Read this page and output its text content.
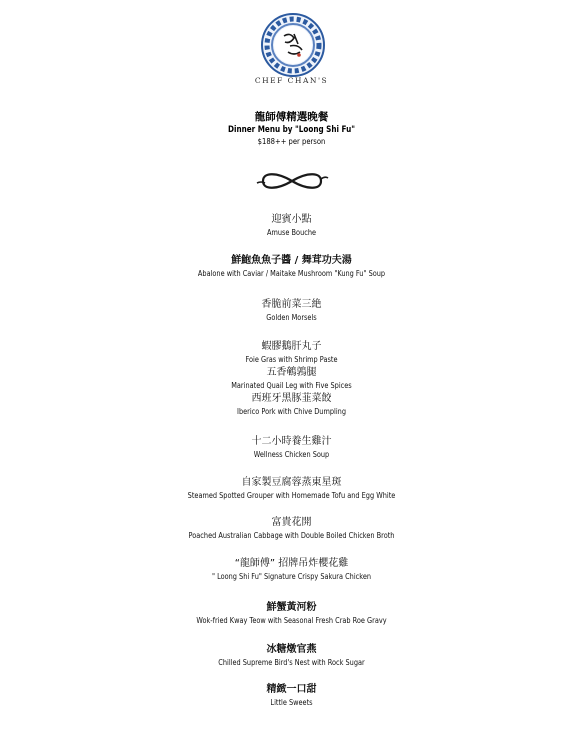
CHEF CHAN'S
龍師傅精選晚餐
Dinner Menu by "Loong Shi Fu"
$188++ per person
迎賓小點
Amuse Bouche
鮮鮑魚魚子醬 / 舞茸功夫湯
Abalone with Caviar / Maitake Mushroom "Kung Fu" Soup
香脆前菜三絶
Golden Morsels
蝦膠鵝肝丸子
Foie Gras with Shrimp Paste
五香鵪鶉腿
Marinated Quail Leg with Five Spices
西班牙黑豚韮菜餃
Iberico Pork with Chive Dumpling
十二小時養生雞汁
Wellness Chicken Soup
自家製豆腐蓉蒸東星斑
Steamed Spotted Grouper with Homemade Tofu and Egg White
富貴花開
Poached Australian Cabbage with Double Boiled Chicken Broth
“龍師傅” 招牌吊炸櫻花雞
" Loong Shi Fu" Signature Crispy Sakura Chicken
鮮蟹黃河粉
Wok-fried Kway Teow with Seasonal Fresh Crab Roe Gravy
冰糖燉官燕
Chilled Supreme Bird's Nest with Rock Sugar
精緻一口甜
Little Sweets
